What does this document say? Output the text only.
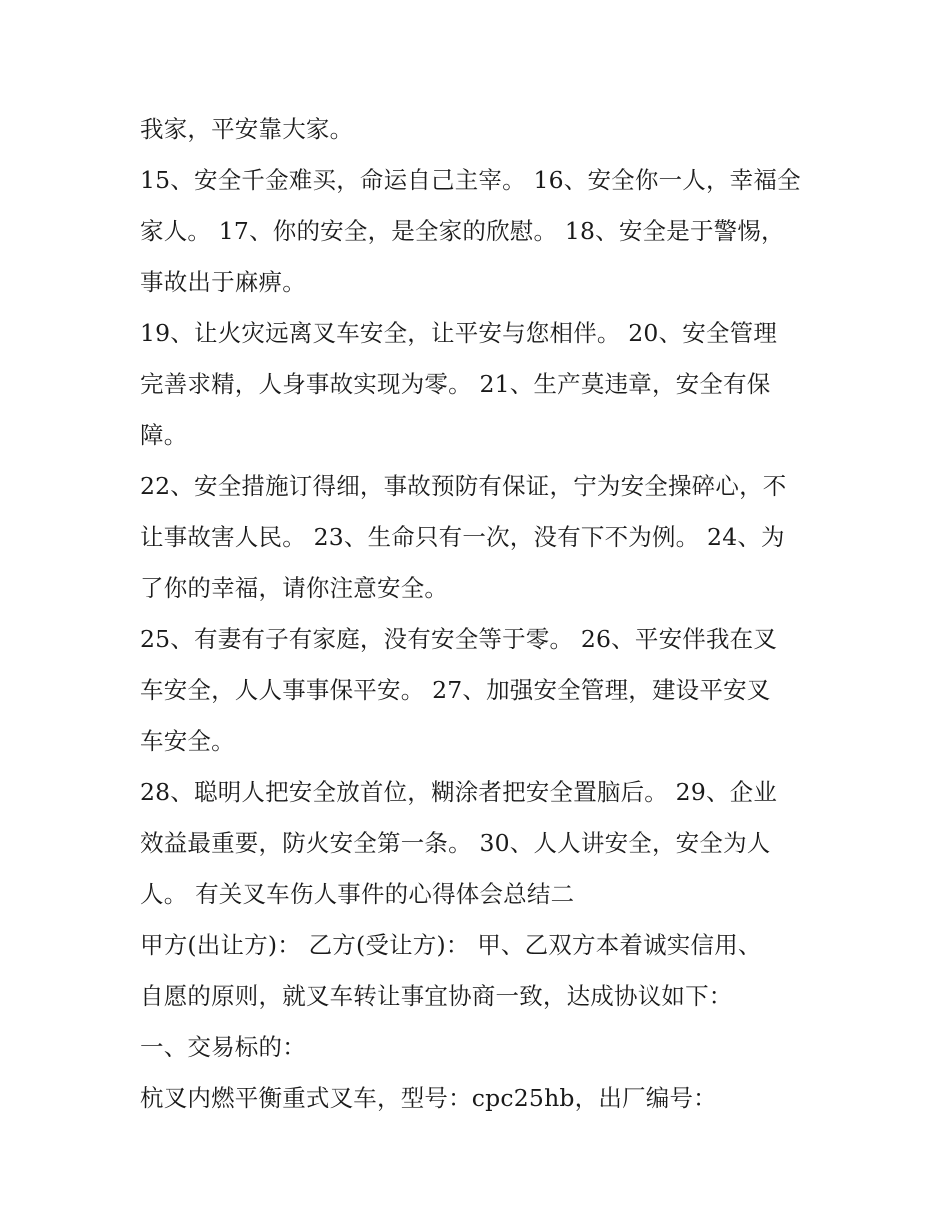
我家，平安靠大家。
15、安全千金难买，命运自己主宰。 16、安全你一人，幸福全
家人。 17、你的安全，是全家的欣慰。 18、安全是于警惕，
事故出于麻痹。
19、让火灾远离叉车安全，让平安与您相伴。 20、安全管理
完善求精，人身事故实现为零。 21、生产莫违章，安全有保
障。
22、安全措施订得细，事故预防有保证，宁为安全操碎心，不
让事故害人民。 23、生命只有一次，没有下不为例。 24、为
了你的幸福，请你注意安全。
25、有妻有子有家庭，没有安全等于零。 26、平安伴我在叉
车安全，人人事事保平安。 27、加强安全管理，建设平安叉
车安全。
28、聪明人把安全放首位，糊涂者把安全置脑后。 29、企业
效益最重要，防火安全第一条。 30、人人讲安全，安全为人
人。 有关叉车伤人事件的心得体会总结二
甲方(出让方)： 乙方(受让方)： 甲、乙双方本着诚实信用、
自愿的原则，就叉车转让事宜协商一致，达成协议如下：
一、交易标的：
杭叉内燃平衡重式叉车，型号：cpc25hb，出厂编号：
